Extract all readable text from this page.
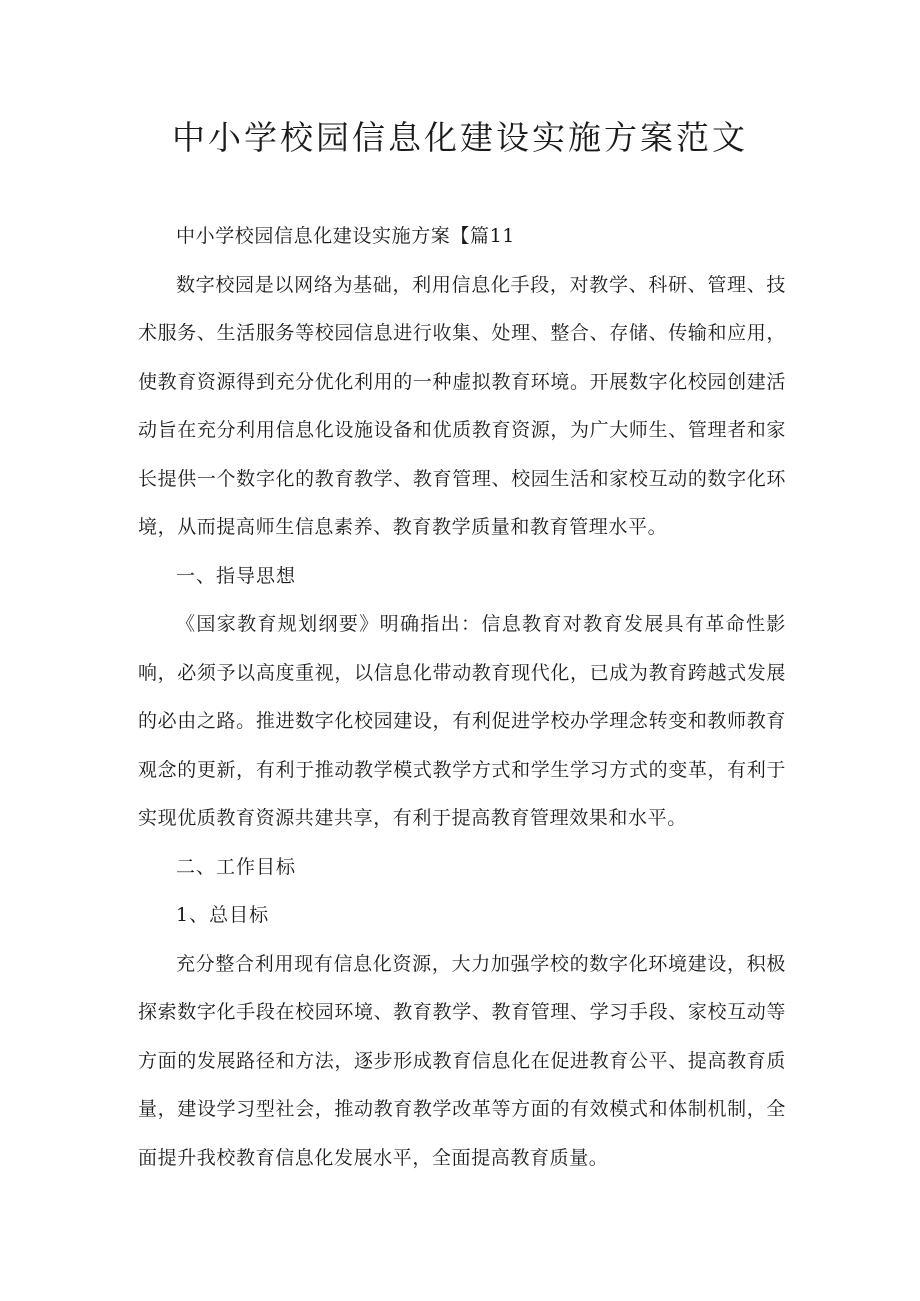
中小学校园信息化建设实施方案范文

中小学校园信息化建设实施方案【篇11

数字校园是以网络为基础，利用信息化手段，对教学、科研、管理、技术服务、生活服务等校园信息进行收集、处理、整合、存储、传输和应用，使教育资源得到充分优化利用的一种虚拟教育环境。开展数字化校园创建活动旨在充分利用信息化设施设备和优质教育资源，为广大师生、管理者和家长提供一个数字化的教育教学、教育管理、校园生活和家校互动的数字化环境，从而提高师生信息素养、教育教学质量和教育管理水平。

一、指导思想

《国家教育规划纲要》明确指出：信息教育对教育发展具有革命性影响，必须予以高度重视，以信息化带动教育现代化，已成为教育跨越式发展的必由之路。推进数字化校园建设，有利促进学校办学理念转变和教师教育观念的更新，有利于推动教学模式教学方式和学生学习方式的变革，有利于实现优质教育资源共建共享，有利于提高教育管理效果和水平。

二、工作目标

1、总目标

充分整合利用现有信息化资源，大力加强学校的数字化环境建设，积极探索数字化手段在校园环境、教育教学、教育管理、学习手段、家校互动等方面的发展路径和方法，逐步形成教育信息化在促进教育公平、提高教育质量，建设学习型社会，推动教育教学改革等方面的有效模式和体制机制，全面提升我校教育信息化发展水平，全面提高教育质量。
